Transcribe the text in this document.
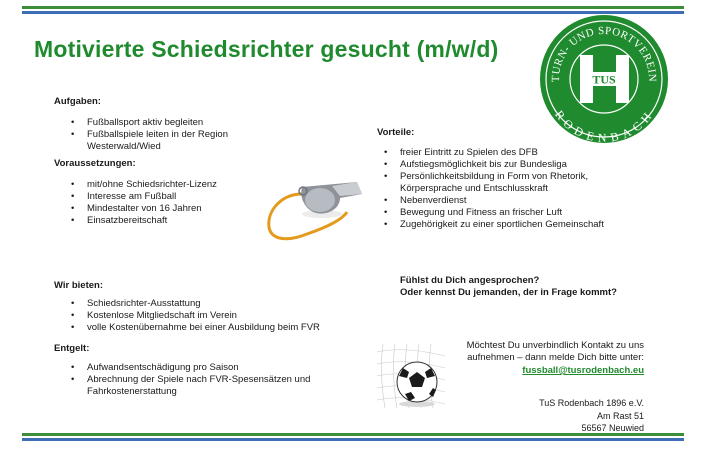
Motivierte Schiedsrichter gesucht (m/w/d)
TURN- UND SPORTVEREIN
RODENBACH
TUS
Aufgaben:
• Fußballsport aktiv begleiten
• Fußballspiele leiten in der Region
Westerwald/Wied
Voraussetzungen:
• mit/ohne Schiedsrichter-Lizenz
• Interesse am Fußball
• Mindestalter von 16 Jahren
• Einsatzbereitschaft
Vorteile:
• freier Eintritt zu Spielen des DFB
• Aufstiegsmöglichkeit bis zur Bundesliga
• Persönlichkeitsbildung in Form von Rhetorik,
Körpersprache und Entschlusskraft
• Nebenverdienst
• Bewegung und Fitness an frischer Luft
• Zugehörigkeit zu einer sportlichen Gemeinschaft
Wir bieten:
• Schiedsrichter-Ausstattung
• Kostenlose Mitgliedschaft im Verein
• volle Kostenübernahme bei einer Ausbildung beim FVR
Entgelt:
• Aufwandsentschädigung pro Saison
• Abrechnung der Spiele nach FVR-Spesensätzen und
Fahrkostenerstattung
Fühlst du Dich angesprochen?
Oder kennst Du jemanden, der in Frage kommt?
Möchtest Du unverbindlich Kontakt zu uns
aufnehmen – dann melde Dich bitte unter:
fussball@tusrodenbach.eu
TuS Rodenbach 1896 e.V.
Am Rast 51
56567 Neuwied
